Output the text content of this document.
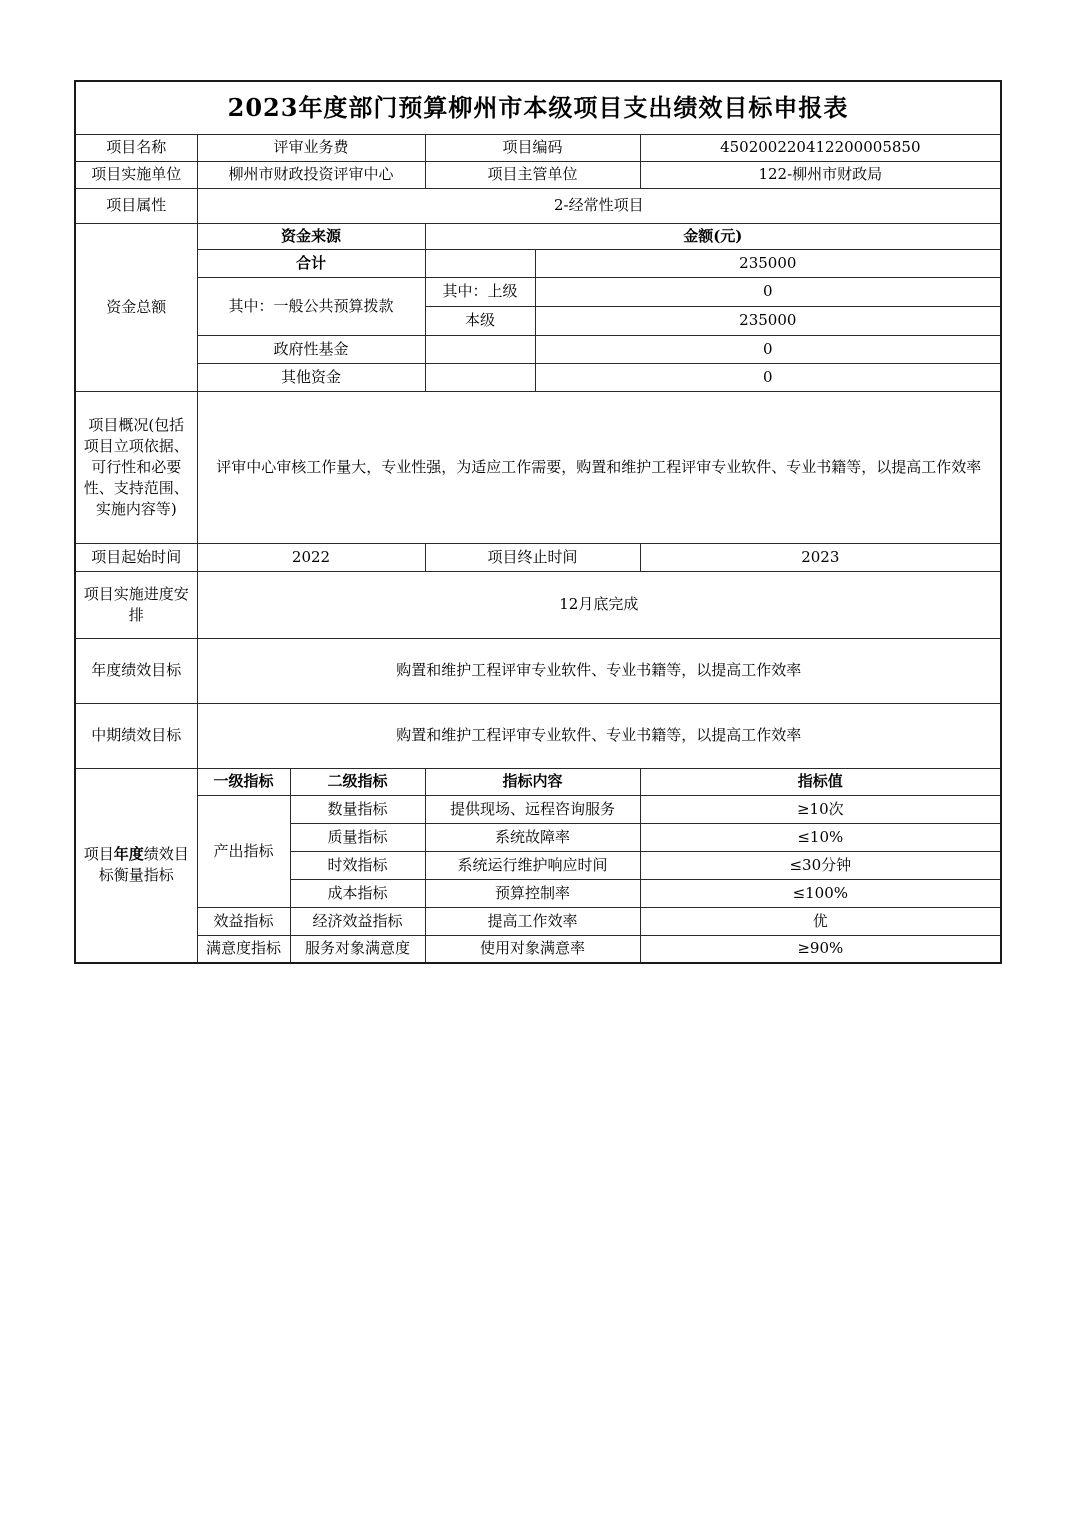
2023年度部门预算柳州市本级项目支出绩效目标申报表					
项目名称	评审业务费		项目编码		450200220412200005850
项目实施单位	柳州市财政投资评审中心		项目主管单位		122-柳州市财政局
项目属性	2-经常性项目				
资金总额	资金来源		金额(元)		
	合计			235000	
	其中：一般公共预算拨款		其中：上级	0	
			本级	235000	
	政府性基金			0	
	其他资金			0	
项目概况(包括项目立项依据、可行性和必要性、支持范围、实施内容等)	评审中心审核工作量大，专业性强，为适应工作需要，购置和维护工程评审专业软件、专业书籍等，以提高工作效率				
项目起始时间	2022		项目终止时间		2023
项目实施进度安排	12月底完成				
年度绩效目标	购置和维护工程评审专业软件、专业书籍等，以提高工作效率				
中期绩效目标	购置和维护工程评审专业软件、专业书籍等，以提高工作效率				
项目年度绩效目标衡量指标	一级指标	二级指标	指标内容		指标值
	产出指标	数量指标	提供现场、远程咨询服务		≥10次
		质量指标	系统故障率		≤10%
		时效指标	系统运行维护响应时间		≤30分钟
		成本指标	预算控制率		≤100%
	效益指标	经济效益指标	提高工作效率		优
	满意度指标	服务对象满意度	使用对象满意率		≥90%
